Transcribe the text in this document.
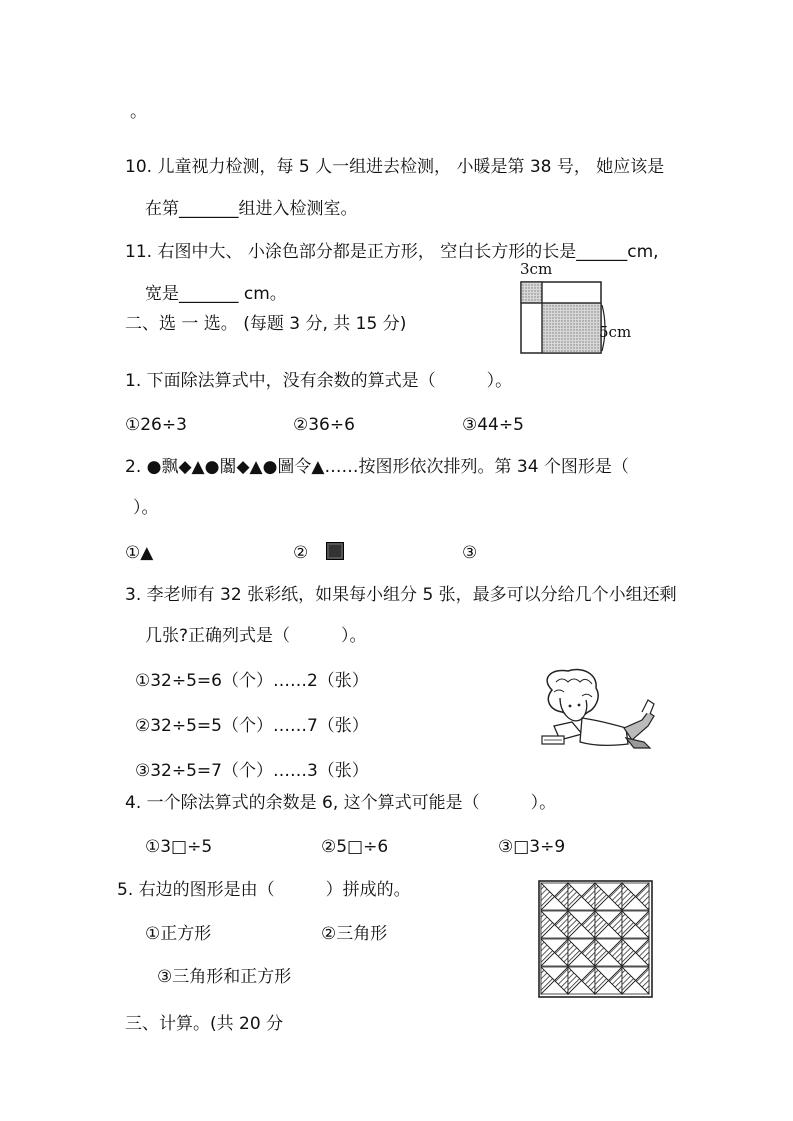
。
10. 儿童视力检测，每 5 人一组进去检测， 小暖是第 38 号， 她应该是
在第_______组进入检测室。
11. 右图中大、 小涂色部分都是正方形， 空白长方形的长是______cm,
宽是_______ cm。
3cm
5cm
二、选 一 选。 (每题 3 分, 共 15 分)
1. 下面除法算式中，没有余数的算式是（　　　）。
①26÷3	②36÷6	③44÷5
2. ●飘◆▲●闟◆▲●圖令▲……按图形依次排列。第 34 个图形是（
）。
①▲	②	③
3. 李老师有 32 张彩纸，如果每小组分 5 张，最多可以分给几个小组还剩
几张?正确列式是（　　　）。
①32÷5=6（个）……2（张）
②32÷5=5（个）……7（张）
③32÷5=7（个）……3（张）
4. 一个除法算式的余数是 6, 这个算式可能是（　　　）。
①3□÷5	②5□÷6	③□3÷9
5. 右边的图形是由（　　　）拼成的。
①正方形	②三角形
③三角形和正方形
三、计算。(共 20 分
